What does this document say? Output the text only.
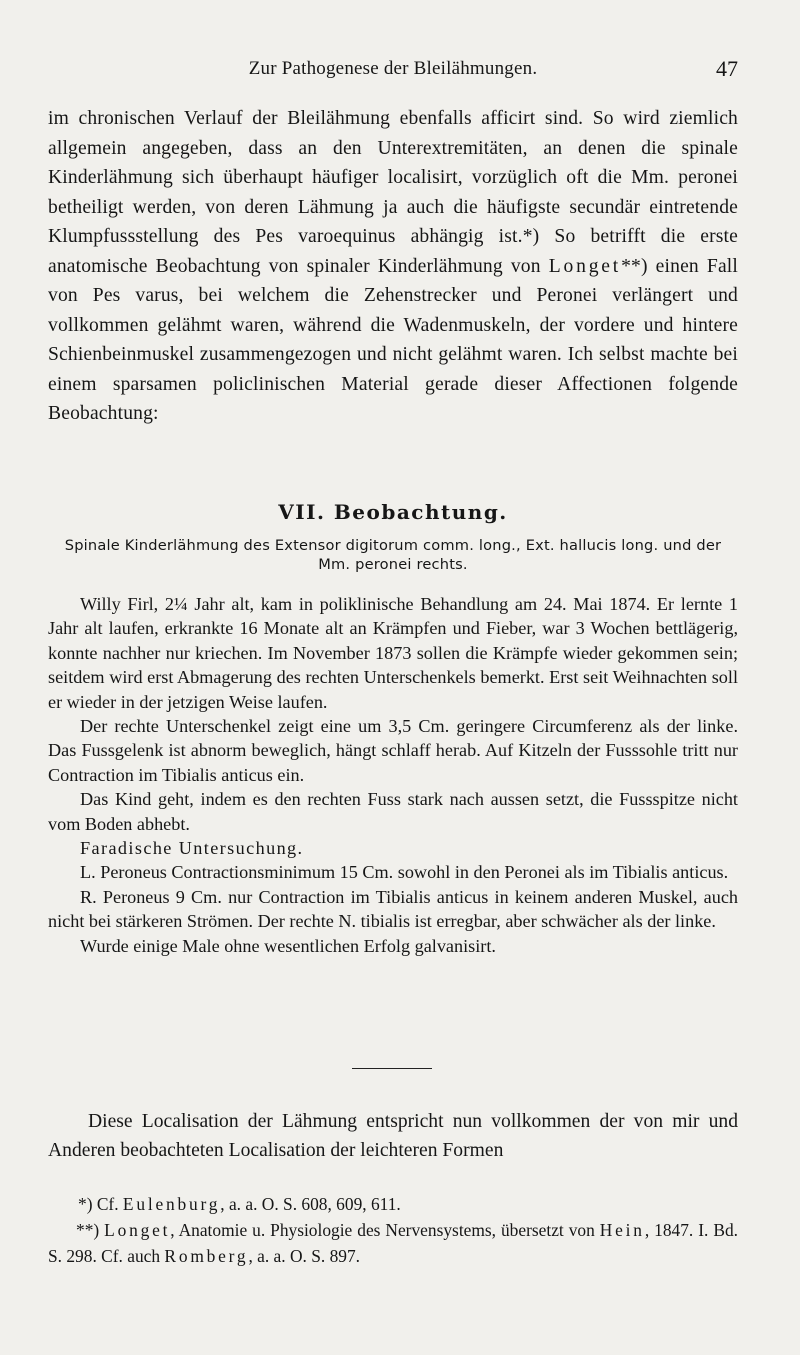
Zur Pathogenese der Bleilähmungen.	47

im chronischen Verlauf der Bleilähmung ebenfalls afficirt sind. So wird ziemlich allgemein angegeben, dass an den Unterextremitäten, an denen die spinale Kinderlähmung sich überhaupt häufiger localisirt, vorzüglich oft die Mm. peronei betheiligt werden, von deren Lähmung ja auch die häufigste secundär eintretende Klumpfussstellung des Pes varoequinus abhängig ist.*) So betrifft die erste anatomische Beobachtung von spinaler Kinderlähmung von Longet**) einen Fall von Pes varus, bei welchem die Zehenstrecker und Peronei verlängert und vollkommen gelähmt waren, während die Wadenmuskeln, der vordere und hintere Schienbeinmuskel zusammengezogen und nicht gelähmt waren. Ich selbst machte bei einem sparsamen policlinischen Material gerade dieser Affectionen folgende Beobachtung:

VII. Beobachtung.
Spinale Kinderlähmung des Extensor digitorum comm. long., Ext. hallucis long. und der Mm. peronei rechts.

Willy Firl, 2¼ Jahr alt, kam in poliklinische Behandlung am 24. Mai 1874. Er lernte 1 Jahr alt laufen, erkrankte 16 Monate alt an Krämpfen und Fieber, war 3 Wochen bettlägerig, konnte nachher nur kriechen. Im November 1873 sollen die Krämpfe wieder gekommen sein; seitdem wird erst Abmagerung des rechten Unterschenkels bemerkt. Erst seit Weihnachten soll er wieder in der jetzigen Weise laufen.

Der rechte Unterschenkel zeigt eine um 3,5 Cm. geringere Circumferenz als der linke. Das Fussgelenk ist abnorm beweglich, hängt schlaff herab. Auf Kitzeln der Fusssohle tritt nur Contraction im Tibialis anticus ein.

Das Kind geht, indem es den rechten Fuss stark nach aussen setzt, die Fussspitze nicht vom Boden abhebt.

Faradische Untersuchung.

L. Peroneus Contractionsminimum 15 Cm. sowohl in den Peronei als im Tibialis anticus.

R. Peroneus 9 Cm. nur Contraction im Tibialis anticus in keinem anderen Muskel, auch nicht bei stärkeren Strömen. Der rechte N. tibialis ist erregbar, aber schwächer als der linke.

Wurde einige Male ohne wesentlichen Erfolg galvanisirt.

Diese Localisation der Lähmung entspricht nun vollkommen der von mir und Anderen beobachteten Localisation der leichteren Formen

*) Cf. Eulenburg, a. a. O. S. 608, 609, 611.

**) Longet, Anatomie u. Physiologie des Nervensystems, übersetzt von Hein, 1847. I. Bd. S. 298. Cf. auch Romberg, a. a. O. S. 897.
